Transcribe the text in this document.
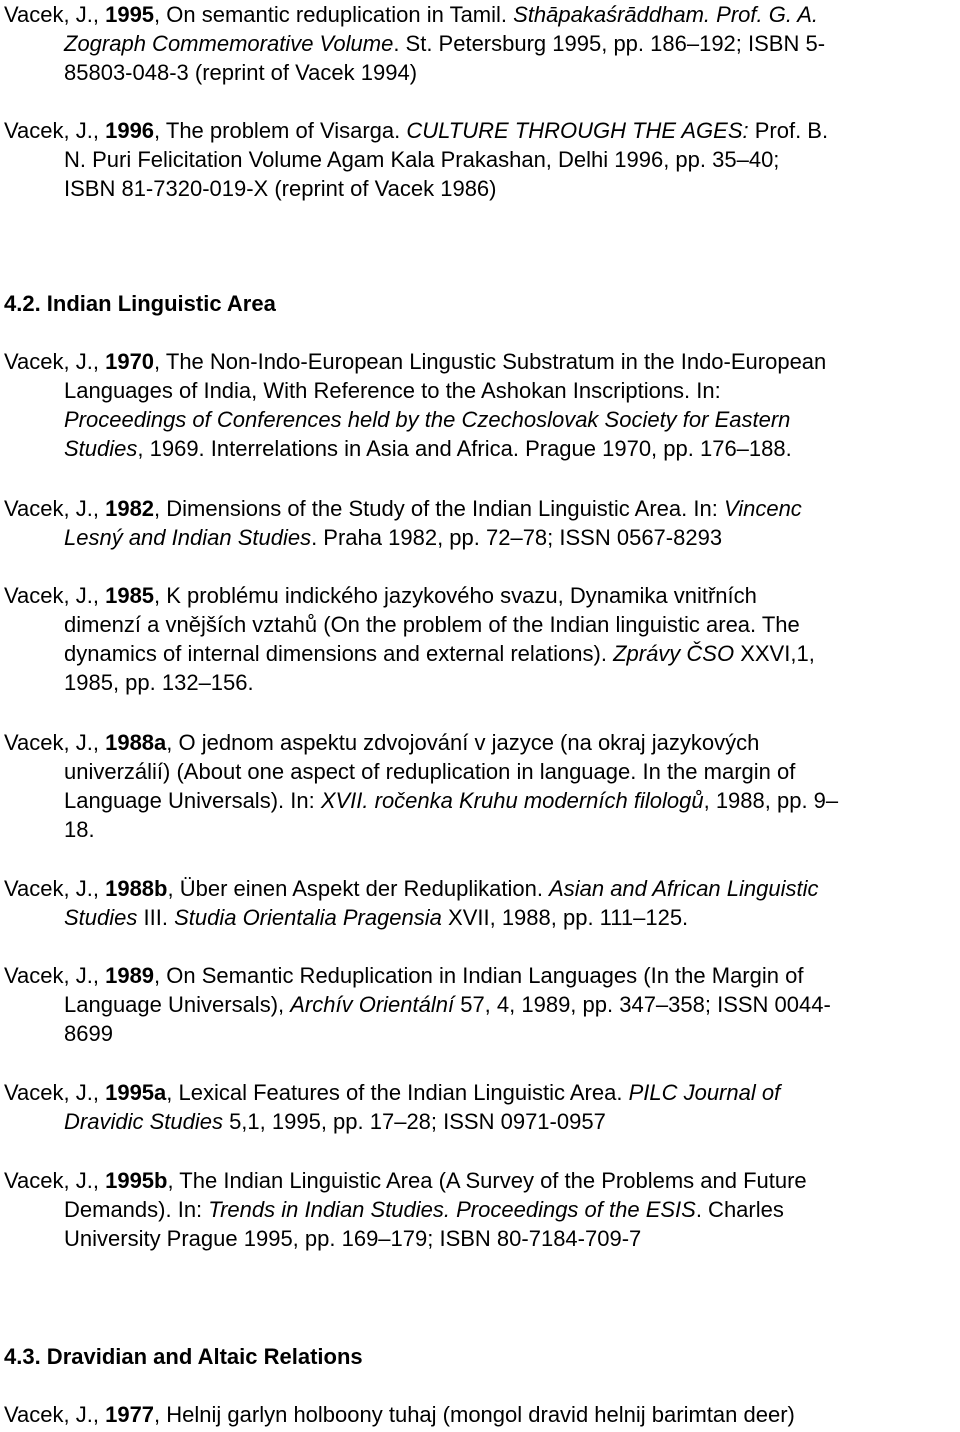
Vacek, J., 1995, On semantic reduplication in Tamil. Sthāpakaśrāddham. Prof. G. A.
Zograph Commemorative Volume. St. Petersburg 1995, pp. 186–192; ISBN 5-
85803-048-3 (reprint of Vacek 1994)
Vacek, J., 1996, The problem of Visarga. CULTURE THROUGH THE AGES: Prof. B.
N. Puri Felicitation Volume Agam Kala Prakashan, Delhi 1996, pp. 35–40;
ISBN 81-7320-019-X (reprint of Vacek 1986)
4.2. Indian Linguistic Area
Vacek, J., 1970, The Non-Indo-European Lingustic Substratum in the Indo-European
Languages of India, With Reference to the Ashokan Inscriptions. In:
Proceedings of Conferences held by the Czechoslovak Society for Eastern
Studies, 1969. Interrelations in Asia and Africa. Prague 1970, pp. 176–188.
Vacek, J., 1982, Dimensions of the Study of the Indian Linguistic Area. In: Vincenc
Lesný and Indian Studies. Praha 1982, pp. 72–78; ISSN 0567-8293
Vacek, J., 1985, K problému indického jazykového svazu, Dynamika vnitřních
dimenzí a vnějších vztahů (On the problem of the Indian linguistic area. The
dynamics of internal dimensions and external relations). Zprávy ČSO XXVI,1,
1985, pp. 132–156.
Vacek, J., 1988a, O jednom aspektu zdvojování v jazyce (na okraj jazykových
univerzálií) (About one aspect of reduplication in language. In the margin of
Language Universals). In: XVII. ročenka Kruhu moderních filologů, 1988, pp. 9–
18.
Vacek, J., 1988b, Über einen Aspekt der Reduplikation. Asian and African Linguistic
Studies III. Studia Orientalia Pragensia XVII, 1988, pp. 111–125.
Vacek, J., 1989, On Semantic Reduplication in Indian Languages (In the Margin of
Language Universals), Archív Orientální 57, 4, 1989, pp. 347–358; ISSN 0044-
8699
Vacek, J., 1995a, Lexical Features of the Indian Linguistic Area. PILC Journal of
Dravidic Studies 5,1, 1995, pp. 17–28; ISSN 0971-0957
Vacek, J., 1995b, The Indian Linguistic Area (A Survey of the Problems and Future
Demands). In: Trends in Indian Studies. Proceedings of the ESIS. Charles
University Prague 1995, pp. 169–179; ISBN 80-7184-709-7
4.3. Dravidian and Altaic Relations
Vacek, J., 1977, Helnij garlyn holboony tuhaj (mongol dravid helnij barimtan deer)
